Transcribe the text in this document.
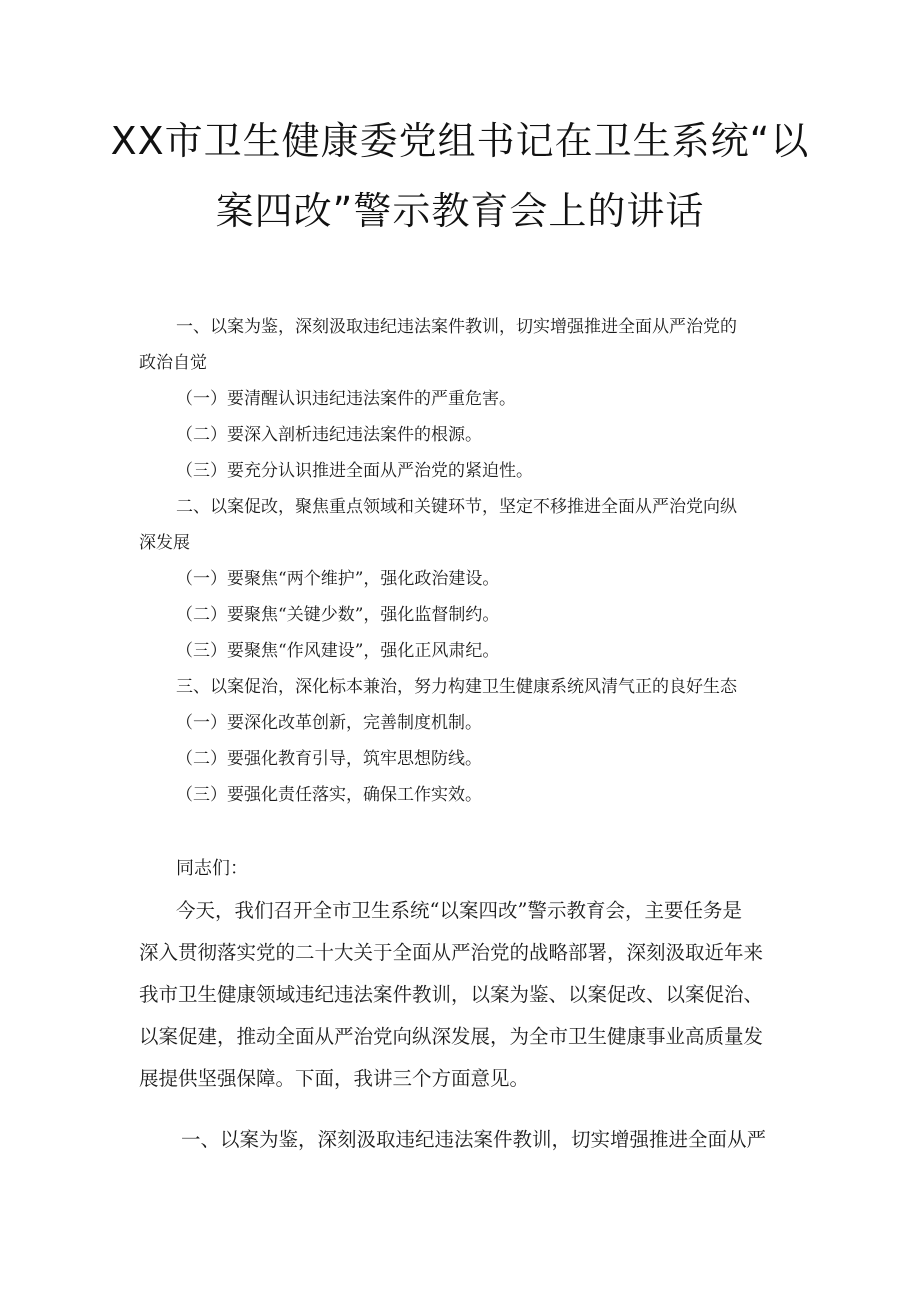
XX市卫生健康委党组书记在卫生系统“以
案四改”警示教育会上的讲话
一、以案为鉴，深刻汲取违纪违法案件教训，切实增强推进全面从严治党的
政治自觉
（一）要清醒认识违纪违法案件的严重危害。
（二）要深入剖析违纪违法案件的根源。
（三）要充分认识推进全面从严治党的紧迫性。
二、以案促改，聚焦重点领域和关键环节，坚定不移推进全面从严治党向纵
深发展
（一）要聚焦“两个维护”，强化政治建设。
（二）要聚焦“关键少数”，强化监督制约。
（三）要聚焦“作风建设”，强化正风肃纪。
三、以案促治，深化标本兼治，努力构建卫生健康系统风清气正的良好生态
（一）要深化改革创新，完善制度机制。
（二）要强化教育引导，筑牢思想防线。
（三）要强化责任落实，确保工作实效。
同志们：
今天，我们召开全市卫生系统“以案四改”警示教育会，主要任务是
深入贯彻落实党的二十大关于全面从严治党的战略部署，深刻汲取近年来
我市卫生健康领域违纪违法案件教训，以案为鉴、以案促改、以案促治、
以案促建，推动全面从严治党向纵深发展，为全市卫生健康事业高质量发
展提供坚强保障。下面，我讲三个方面意见。
一、以案为鉴，深刻汲取违纪违法案件教训，切实增强推进全面从严
